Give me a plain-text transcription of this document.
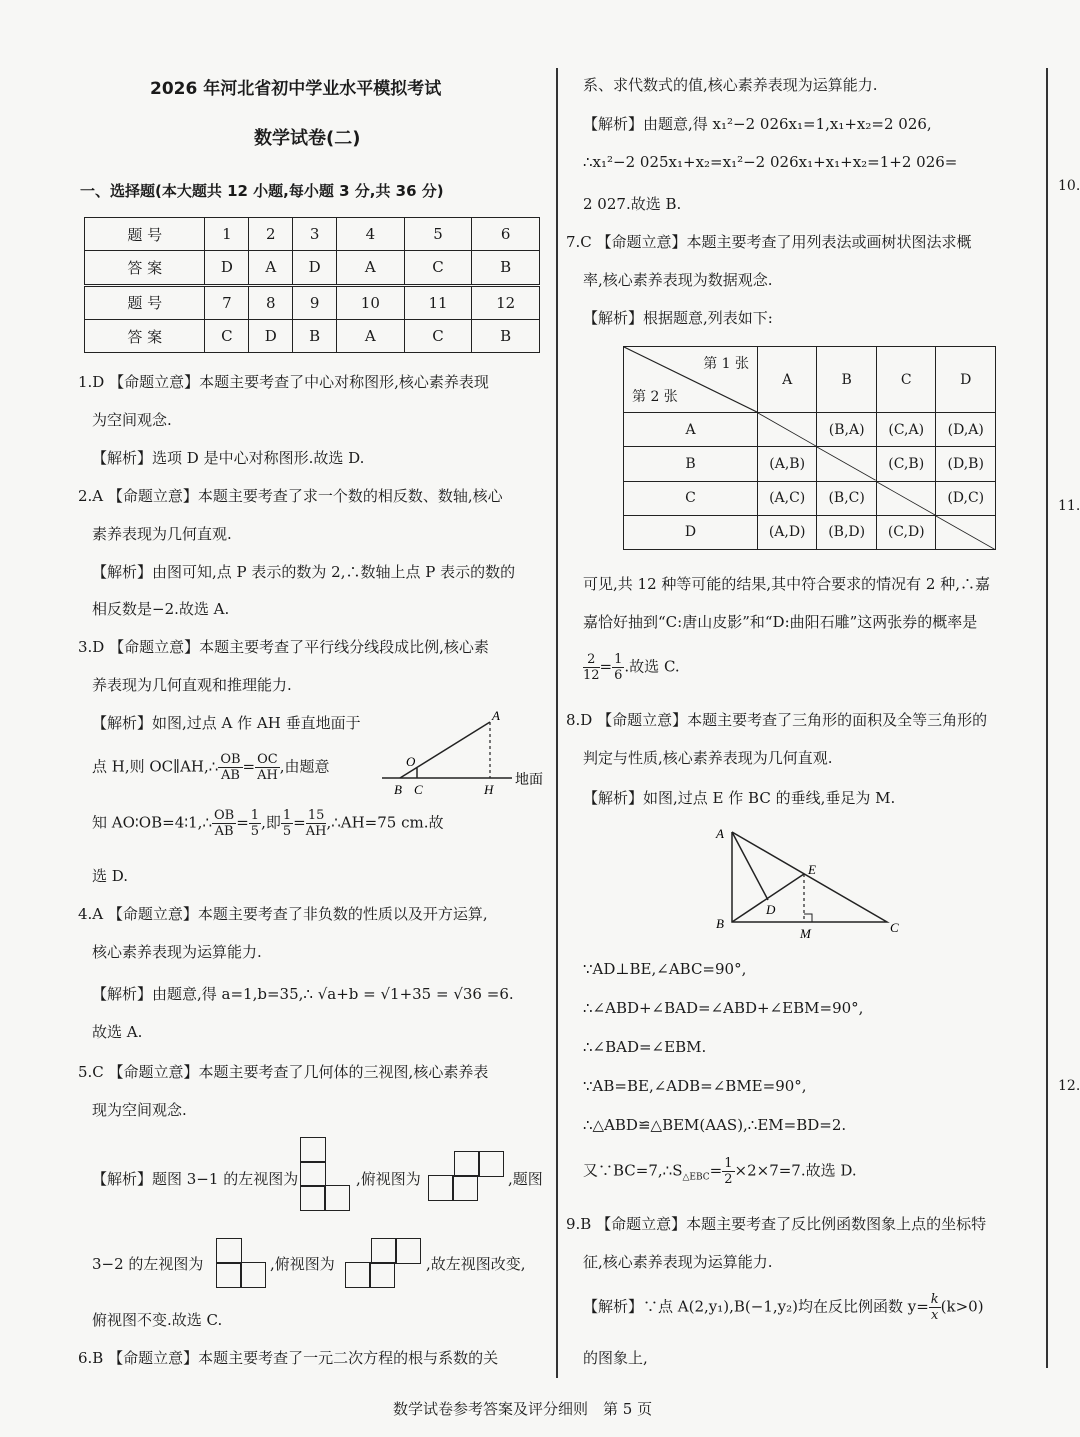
2026 年河北省初中学业水平模拟考试
数学试卷(二)
一、选择题(本大题共 12 小题,每小题 3 分,共 36 分)
题 号	1	2	3	4	5	6
答 案	D	A	D	A	C	B
题 号	7	8	9	10	11	12
答 案	C	D	B	A	C	B
1.D 【命题立意】本题主要考查了中心对称图形,核心素养表现
为空间观念.
【解析】选项 D 是中心对称图形.故选 D.
2.A 【命题立意】本题主要考查了求一个数的相反数、数轴,核心
素养表现为几何直观.
【解析】由图可知,点 P 表示的数为 2,∴数轴上点 P 表示的数的
相反数是−2.故选 A.
3.D 【命题立意】本题主要考查了平行线分线段成比例,核心素
养表现为几何直观和推理能力.
【解析】如图,过点 A 作 AH 垂直地面于
点 H,则 OC∥AH,∴ $\frac{OB}{AB} = \frac{OC}{AH}$ ,由题意
A
O
B C	H
地面
知 AO∶OB=4∶1,∴ $\frac{OB}{AB} = \frac{1}{5}$ ,即 $\frac{1}{5} = \frac{15}{AH}$ ,∴AH=75 cm.故
选 D.
4.A 【命题立意】本题主要考查了非负数的性质以及开方运算,
核心素养表现为运算能力.
【解析】由题意,得 a=1,b=35,∴ √a+b = √1+35 = √36 =6.
故选 A.
5.C 【命题立意】本题主要考查了几何体的三视图,核心素养表
现为空间观念.
【解析】题图 3−1 的左视图为	,俯视图为	,题图
3−2 的左视图为	,俯视图为	,故左视图改变,
俯视图不变.故选 C.
6.B 【命题立意】本题主要考查了一元二次方程的根与系数的关
系、求代数式的值,核心素养表现为运算能力.
【解析】由题意,得 x₁²−2 026x₁=1,x₁+x₂=2 026,
∴x₁²−2 025x₁+x₂=x₁²−2 026x₁+x₁+x₂=1+2 026=
2 027.故选 B.
7.C 【命题立意】本题主要考查了用列表法或画树状图法求概
率,核心素养表现为数据观念.
【解析】根据题意,列表如下:
第 1 张
第 2 张	A	B	C	D
A		(B,A)	(C,A)	(D,A)
B	(A,B)		(C,B)	(D,B)
C	(A,C)	(B,C)		(D,C)
D	(A,D)	(B,D)	(C,D)	
可见,共 12 种等可能的结果,其中符合要求的情况有 2 种,∴嘉
嘉恰好抽到“C:唐山皮影”和“D:曲阳石雕”这两张券的概率是
$\frac{2}{12} = \frac{1}{6}$ .故选 C.
8.D 【命题立意】本题主要考查了三角形的面积及全等三角形的
判定与性质,核心素养表现为几何直观.
【解析】如图,过点 E 作 BC 的垂线,垂足为 M.
A
B	C
D
E
M
∵AD⊥BE,∠ABC=90°,
∴∠ABD+∠BAD=∠ABD+∠EBM=90°,
∴∠BAD=∠EBM.
∵AB=BE,∠ADB=∠BME=90°,
∴△ABD≌△BEM(AAS),∴EM=BD=2.
又$\because BC=7,\therefore S_{\triangle EBC}= \frac{1}{2} \times 2\times 7=7$.故选 D.
9.B 【命题立意】本题主要考查了反比例函数图象上点的坐标特
征,核心素养表现为运算能力.
【解析】∵点 A(2,y₁),B(−1,y₂)均在反比例函数 $y= \frac{k}{x} (k>0)$
的图象上,
10.
11.
12.
数学试卷参考答案及评分细则　第 5 页
